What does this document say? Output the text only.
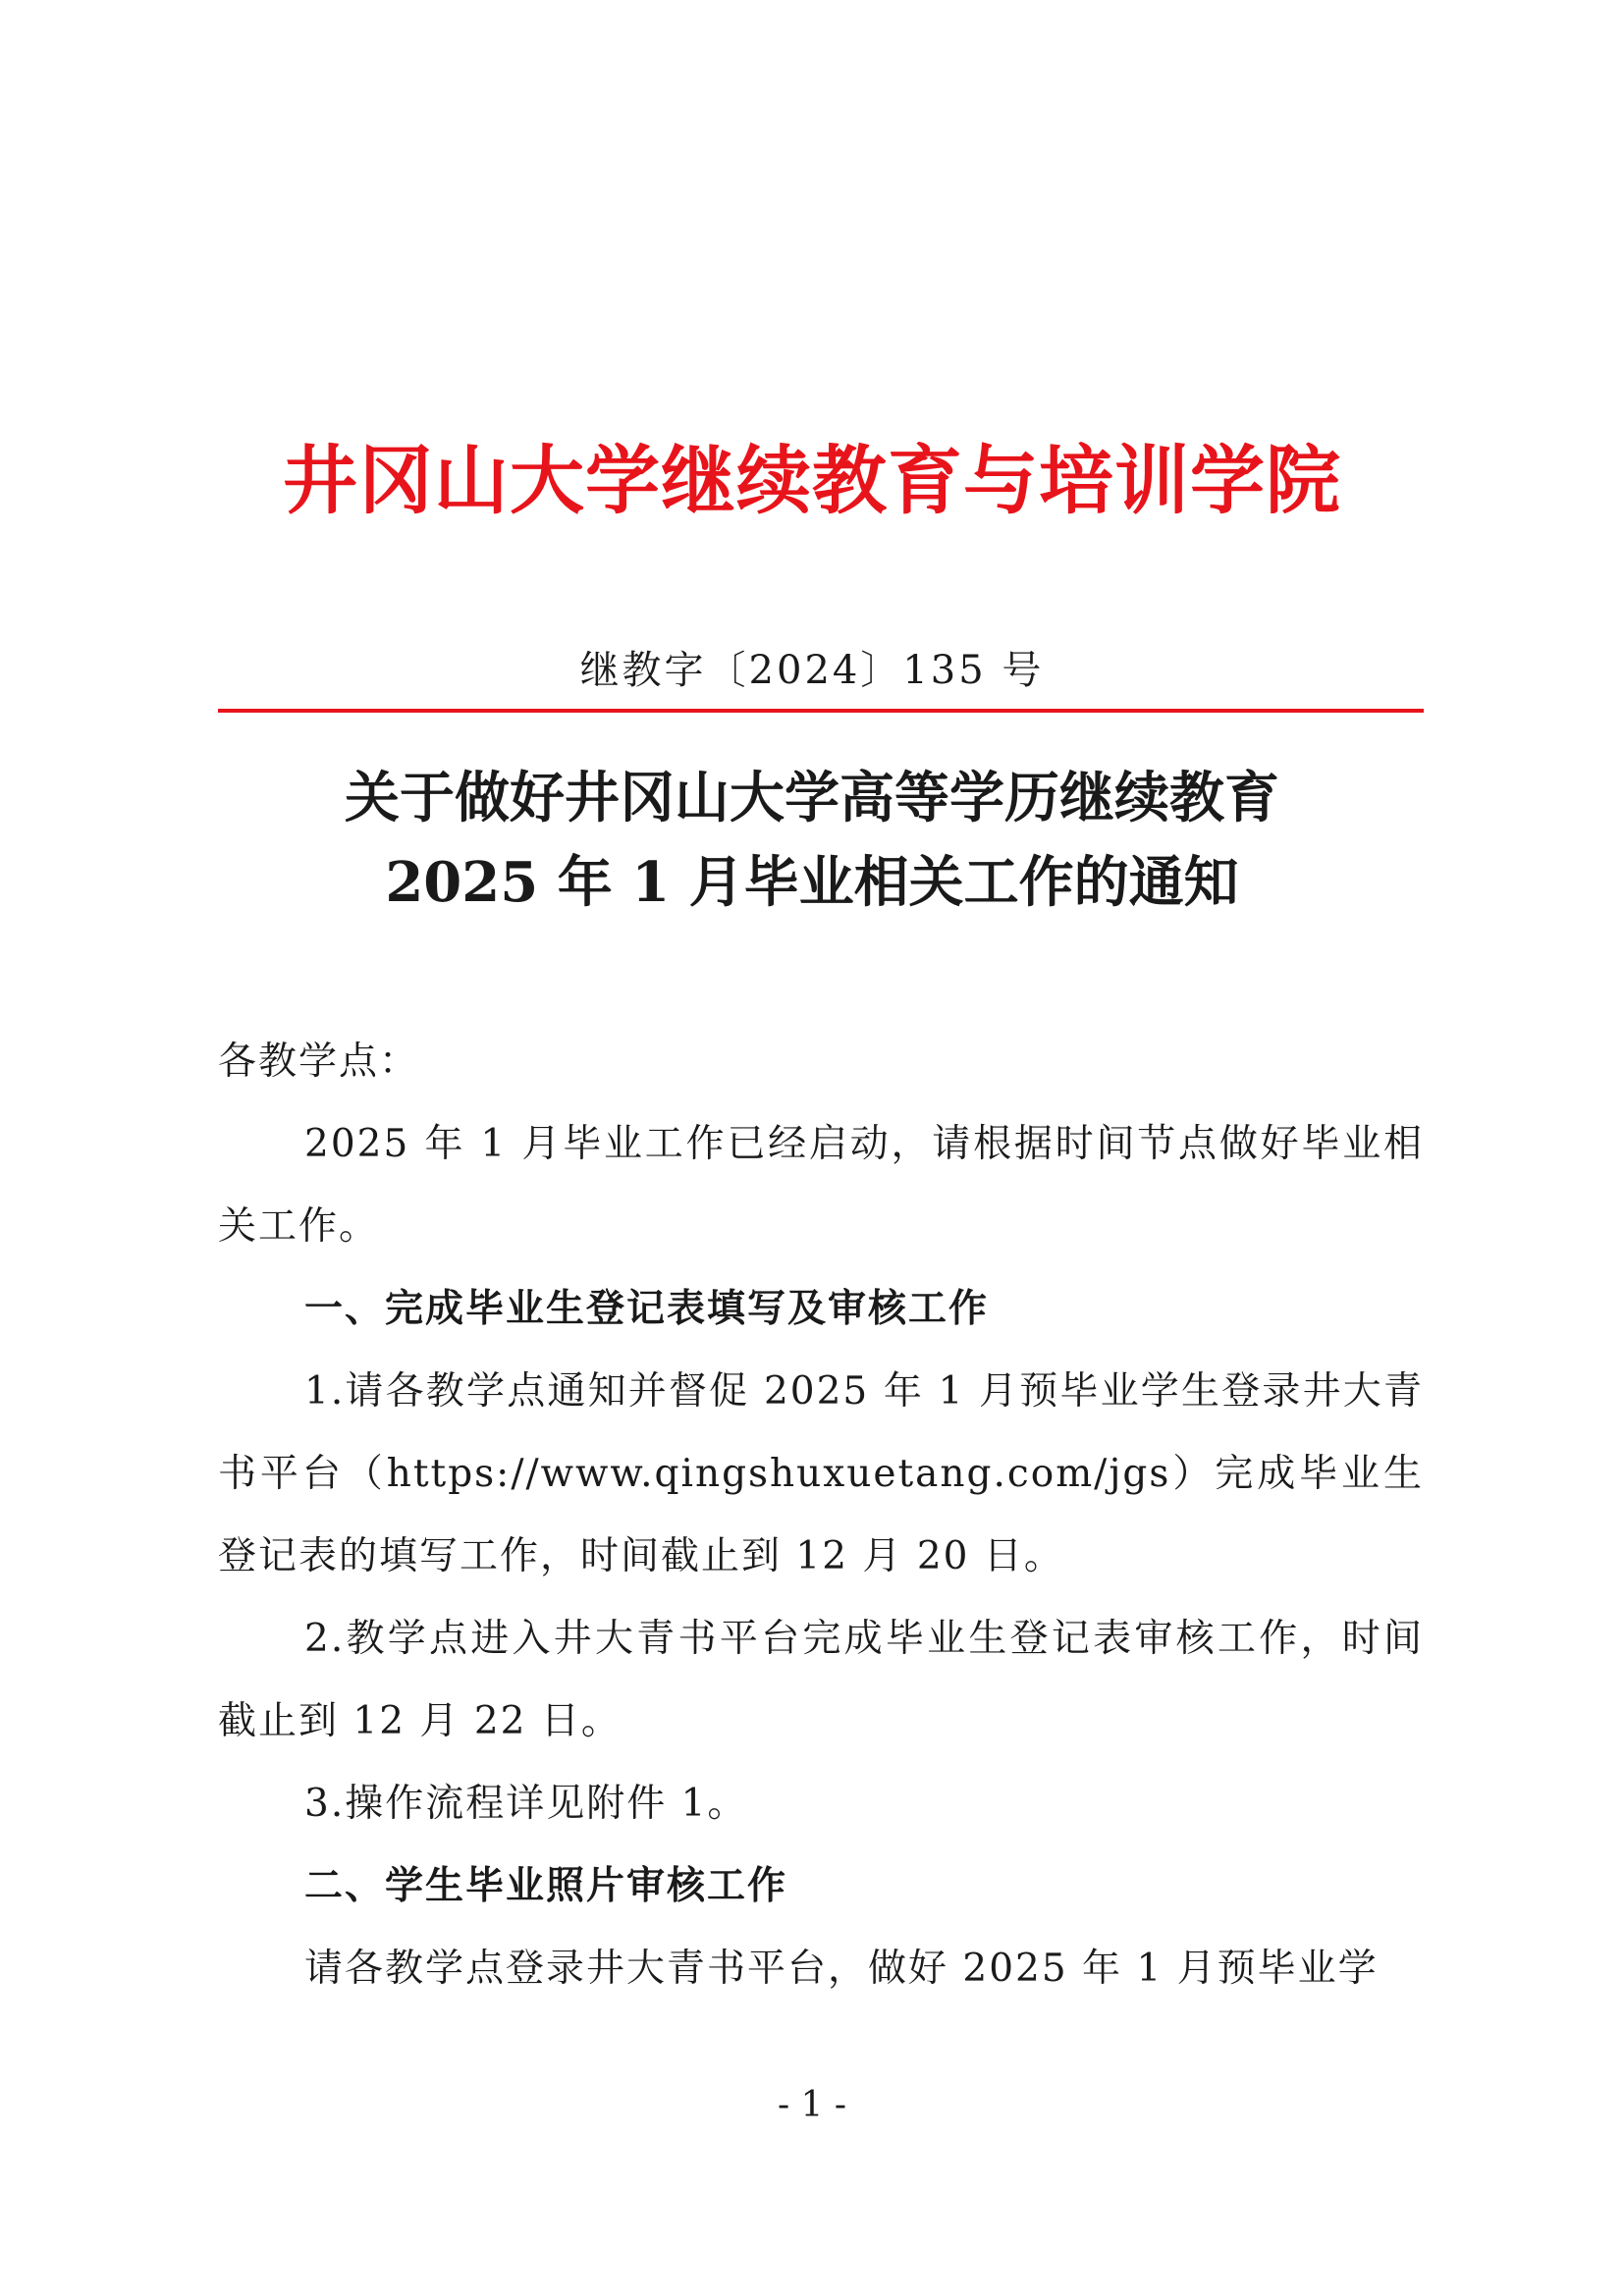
井冈山大学继续教育与培训学院
继教字〔2024〕135 号
关于做好井冈山大学高等学历继续教育
2025 年 1 月毕业相关工作的通知

各教学点：

2025 年 1 月毕业工作已经启动，请根据时间节点做好毕业相关工作。

一、完成毕业生登记表填写及审核工作

1.请各教学点通知并督促 2025 年 1 月预毕业学生登录井大青书平台（https://www.qingshuxuetang.com/jgs）完成毕业生登记表的填写工作，时间截止到 12 月 20 日。

2.教学点进入井大青书平台完成毕业生登记表审核工作，时间截止到 12 月 22 日。

3.操作流程详见附件 1。

二、学生毕业照片审核工作

请各教学点登录井大青书平台，做好 2025 年 1 月预毕业学

- 1 -
